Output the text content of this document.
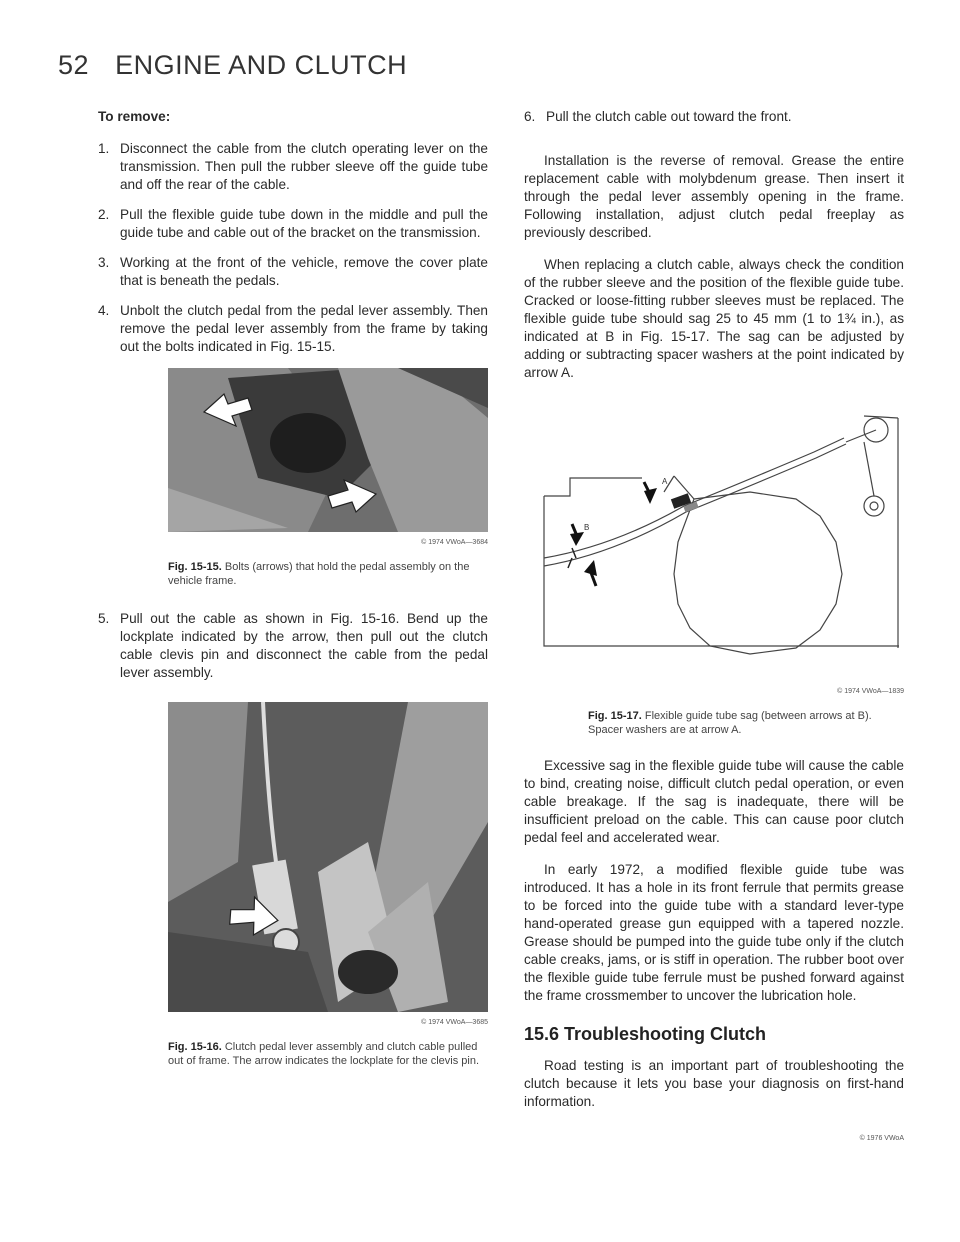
52 ENGINE AND CLUTCH
To remove:
1. Disconnect the cable from the clutch operating lever on the transmission. Then pull the rubber sleeve off the guide tube and off the rear of the cable.
2. Pull the flexible guide tube down in the middle and pull the guide tube and cable out of the bracket on the transmission.
3. Working at the front of the vehicle, remove the cover plate that is beneath the pedals.
4. Unbolt the clutch pedal from the pedal lever assembly. Then remove the pedal lever assembly from the frame by taking out the bolts indicated in Fig. 15-15.
© 1974 VWoA—3684
Fig. 15-15. Bolts (arrows) that hold the pedal assembly on the vehicle frame.
5. Pull out the cable as shown in Fig. 15-16. Bend up the lockplate indicated by the arrow, then pull out the clutch cable clevis pin and disconnect the cable from the pedal lever assembly.
© 1974 VWoA—3685
Fig. 15-16. Clutch pedal lever assembly and clutch cable pulled out of frame. The arrow indicates the lockplate for the clevis pin.
6. Pull the clutch cable out toward the front.

Installation is the reverse of removal. Grease the entire replacement cable with molybdenum grease. Then insert it through the pedal lever assembly opening in the frame. Following installation, adjust clutch pedal freeplay as previously described.

When replacing a clutch cable, always check the condition of the rubber sleeve and the position of the flexible guide tube. Cracked or loose-fitting rubber sleeves must be replaced. The flexible guide tube should sag 25 to 45 mm (1 to 1¾ in.), as indicated at B in Fig. 15-17. The sag can be adjusted by adding or subtracting spacer washers at the point indicated by arrow A.

A
B
© 1974 VWoA—1839
Fig. 15-17. Flexible guide tube sag (between arrows at B). Spacer washers are at arrow A.

Excessive sag in the flexible guide tube will cause the cable to bind, creating noise, difficult clutch pedal operation, or even cable breakage. If the sag is inadequate, there will be insufficient preload on the cable. This can cause poor clutch pedal feel and accelerated wear.

In early 1972, a modified flexible guide tube was introduced. It has a hole in its front ferrule that permits grease to be forced into the guide tube with a standard lever-type hand-operated grease gun equipped with a tapered nozzle. Grease should be pumped into the guide tube only if the clutch cable creaks, jams, or is stiff in operation. The rubber boot over the flexible guide tube ferrule must be pushed forward against the frame crossmember to uncover the lubrication hole.

15.6 Troubleshooting Clutch

Road testing is an important part of troubleshooting the clutch because it lets you base your diagnosis on first-hand information.

© 1976 VWoA
